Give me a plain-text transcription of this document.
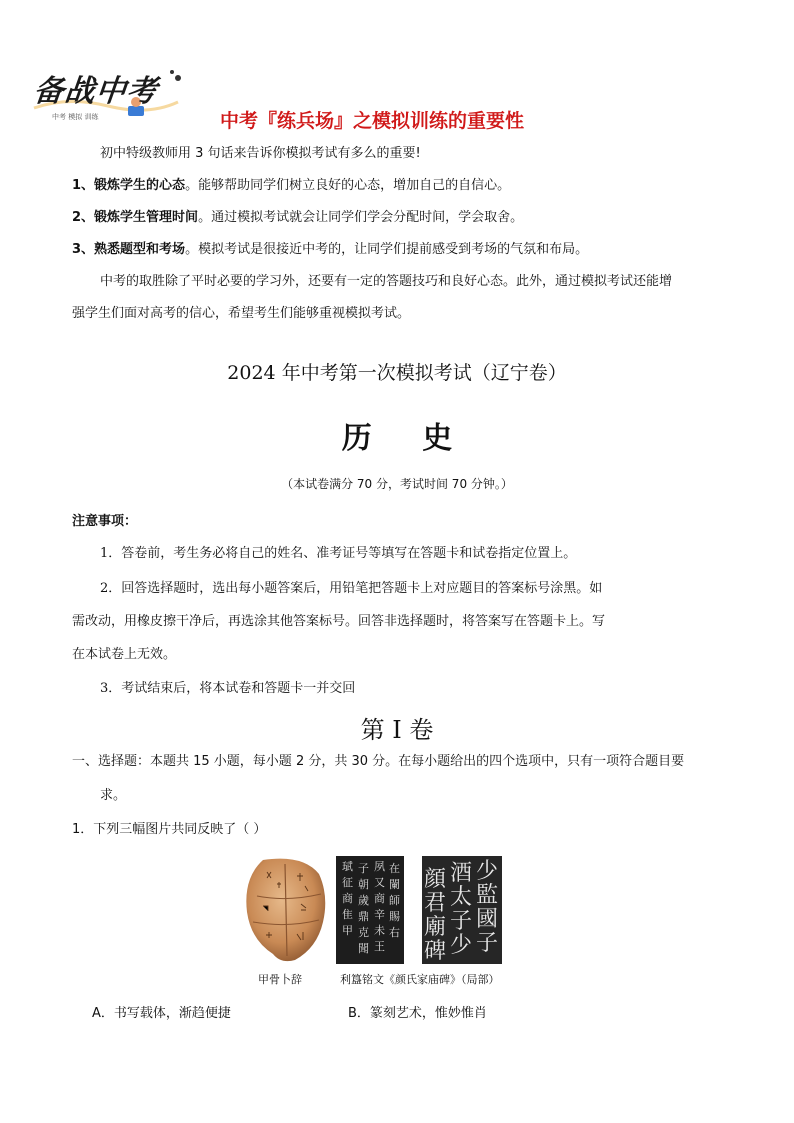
备战中考
中考 模拟 训练	中考『练兵场』之模拟训练的重要性
初中特级教师用 3 句话来告诉你模拟考试有多么的重要!
1、锻炼学生的心态。能够帮助同学们树立良好的心态，增加自己的自信心。
2、锻炼学生管理时间。通过模拟考试就会让同学们学会分配时间，学会取舍。
3、熟悉题型和考场。模拟考试是很接近中考的，让同学们提前感受到考场的气氛和布局。
中考的取胜除了平时必要的学习外，还要有一定的答题技巧和良好心态。此外，通过模拟考试还能增
强学生们面对高考的信心，希望考生们能够重视模拟考试。
2024 年中考第一次模拟考试（辽宁卷）
历 史
（本试卷满分 70 分，考试时间 70 分钟。）
注意事项：
1．答卷前，考生务必将自己的姓名、准考证号等填写在答题卡和试卷指定位置上。
2．回答选择题时，选出每小题答案后，用铅笔把答题卡上对应题目的答案标号涂黑。如
需改动，用橡皮擦干净后，再选涂其他答案标号。回答非选择题时，将答案写在答题卡上。写
在本试卷上无效。
3．考试结束后，将本试卷和答题卡一并交回
第 I 卷
一、选择题：本题共 15 小题，每小题 2 分，共 30 分。在每小题给出的四个选项中，只有一项符合题目要
求。
1．下列三幅图片共同反映了（ ）
甲骨卜辞
珷
征
商
隹
甲
子
朝
歲
鼎
克
聞
夙
又
商
辛
未
王
在
闌
師
賜
右
利簋铭文
少
監
國
子
酒
太
子
少
顔
君
廟
碑
《颜氏家庙碑》（局部）
A．书写载体，渐趋便捷	B．篆刻艺术，惟妙惟肖
